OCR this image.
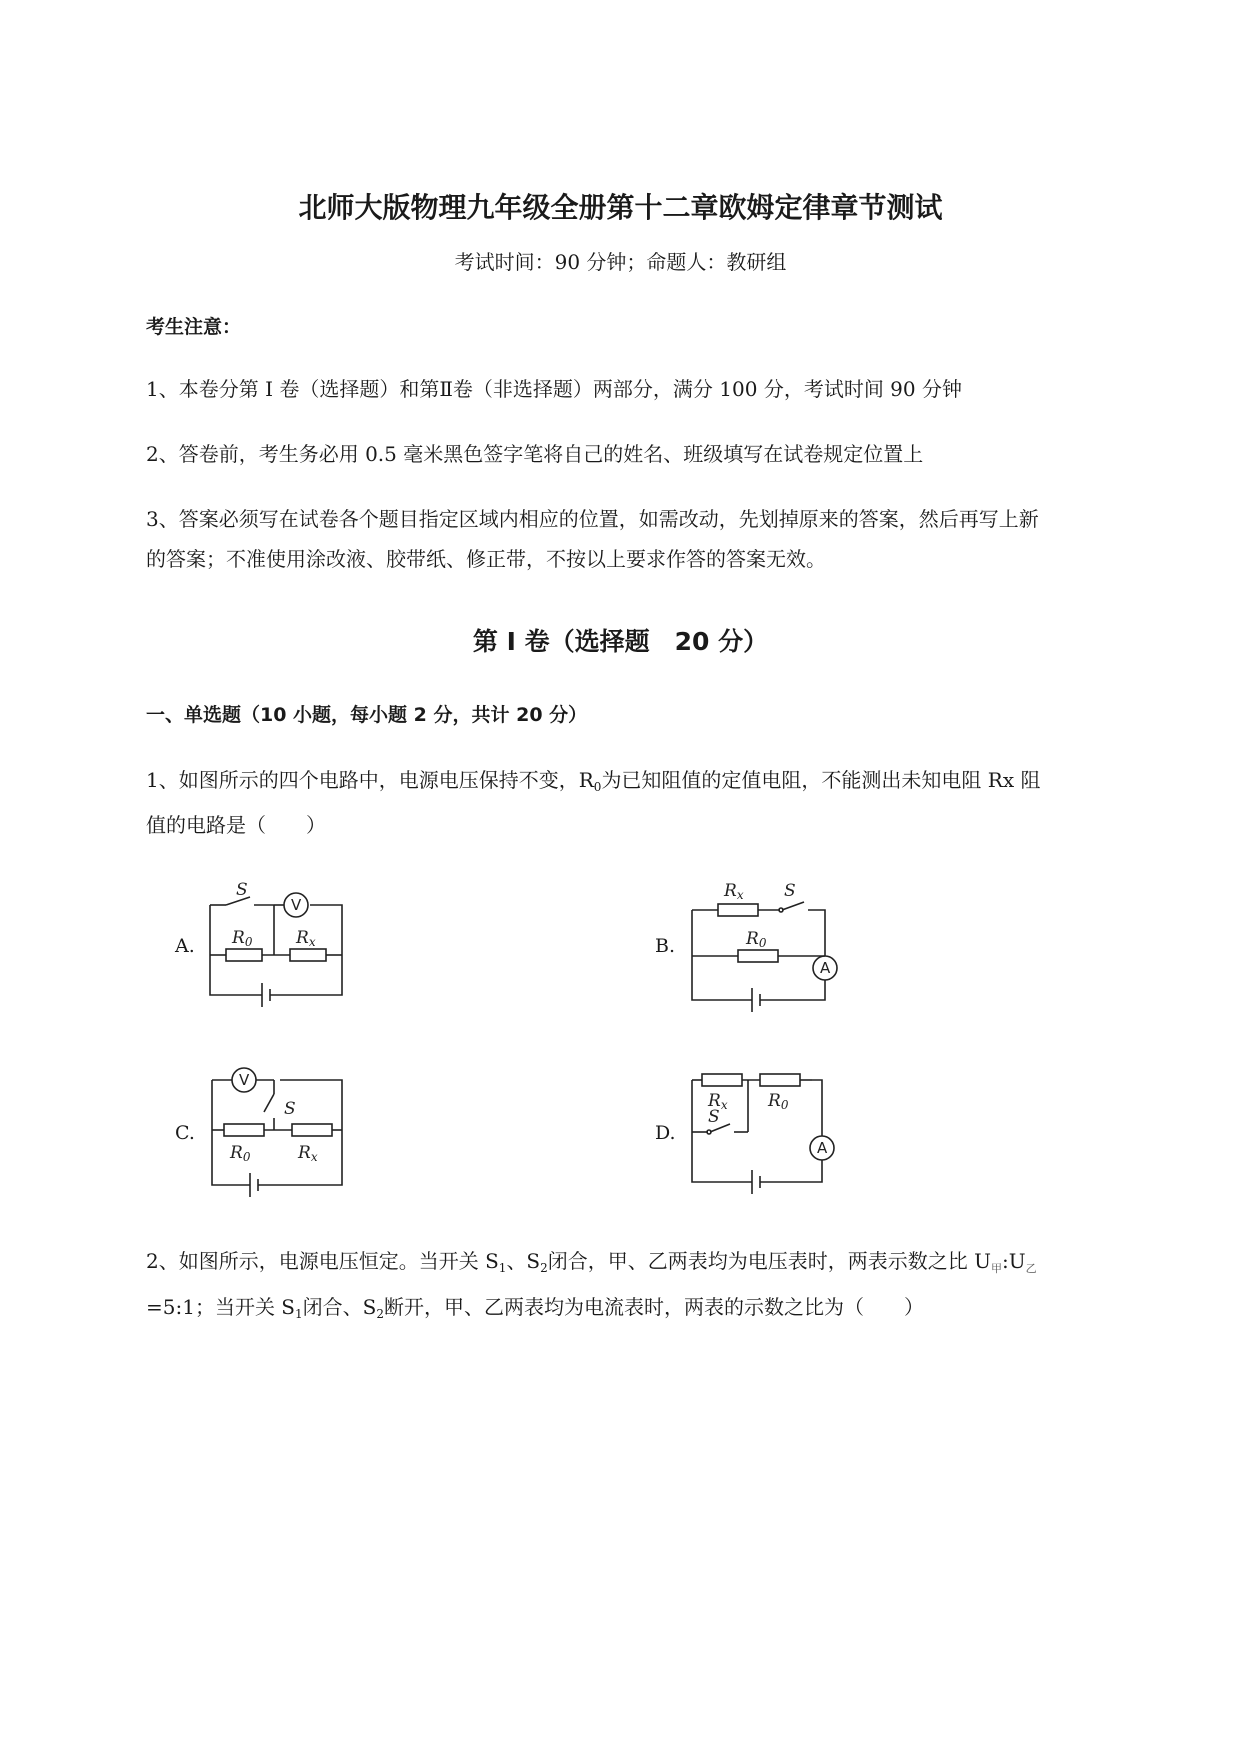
北师大版物理九年级全册第十二章欧姆定律章节测试
考试时间：90 分钟；命题人：教研组
考生注意：
1、本卷分第 I 卷（选择题）和第Ⅱ卷（非选择题）两部分，满分 100 分，考试时间 90 分钟
2、答卷前，考生务必用 0.5 毫米黑色签字笔将自己的姓名、班级填写在试卷规定位置上
3、答案必须写在试卷各个题目指定区域内相应的位置，如需改动，先划掉原来的答案，然后再写上新
的答案；不准使用涂改液、胶带纸、修正带，不按以上要求作答的答案无效。
第 I 卷（选择题　20 分）
一、单选题（10 小题，每小题 2 分，共计 20 分）
1、如图所示的四个电路中，电源电压保持不变，$R_0$为已知阻值的定值电阻，不能测出未知电阻 Rx 阻
值的电路是（　　）
A.
S
V
R0	Rx	B.
Rx S
R0
A
C.
V
S
R0	Rx
D.
Rx R0
S
A
2、如图所示，电源电压恒定。当开关 $S_1$、$S_2$闭合，甲、乙两表均为电压表时，两表示数之比 $U_甲:U_乙$
=5:1；当开关 $S_1$闭合、$S_2$断开，甲、乙两表均为电流表时，两表的示数之比为（　　）
